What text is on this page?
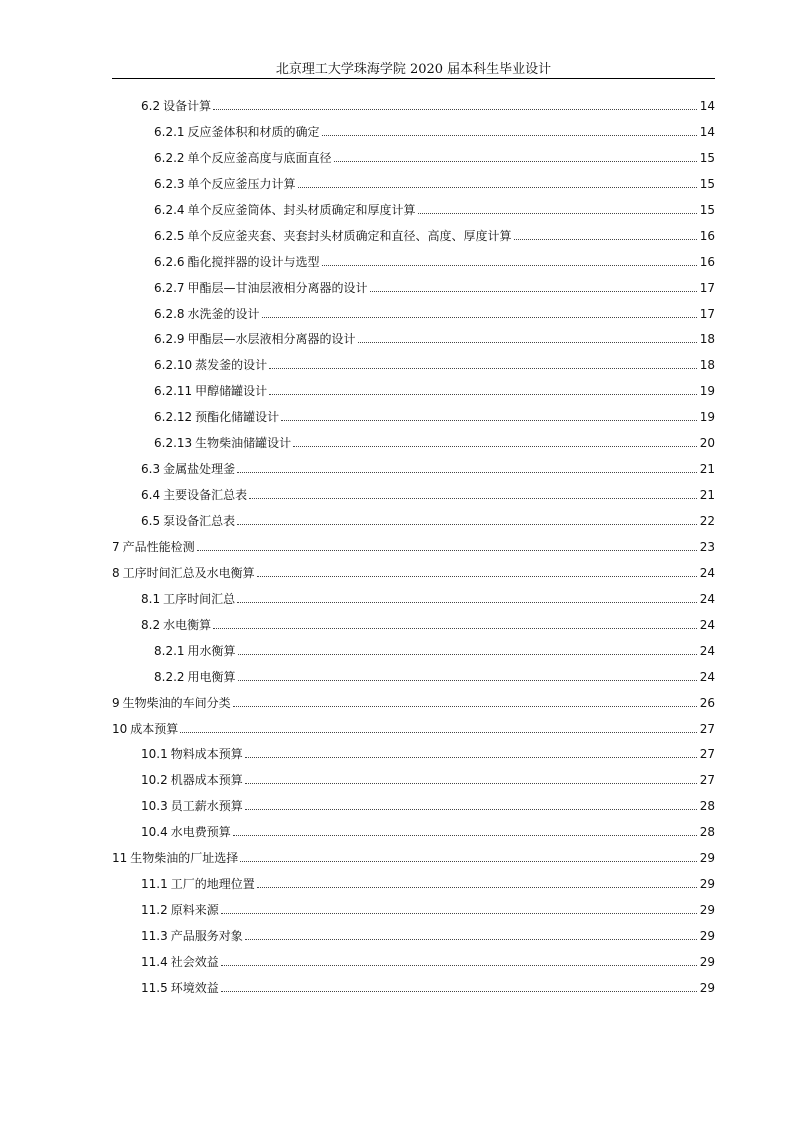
北京理工大学珠海学院 2020 届本科生毕业设计
6.2 设备计算	14
6.2.1 反应釜体积和材质的确定	14
6.2.2 单个反应釜高度与底面直径	15
6.2.3 单个反应釜压力计算	15
6.2.4 单个反应釜筒体、封头材质确定和厚度计算	15
6.2.5 单个反应釜夹套、夹套封头材质确定和直径、高度、厚度计算	16
6.2.6 酯化搅拌器的设计与选型	16
6.2.7 甲酯层—甘油层液相分离器的设计	17
6.2.8 水洗釜的设计	17
6.2.9 甲酯层—水层液相分离器的设计	18
6.2.10 蒸发釜的设计	18
6.2.11 甲醇储罐设计	19
6.2.12 预酯化储罐设计	19
6.2.13 生物柴油储罐设计	20
6.3 金属盐处理釜	21
6.4 主要设备汇总表	21
6.5 泵设备汇总表	22
7 产品性能检测	23
8 工序时间汇总及水电衡算	24
8.1 工序时间汇总	24
8.2 水电衡算	24
8.2.1 用水衡算	24
8.2.2 用电衡算	24
9 生物柴油的车间分类	26
10 成本预算	27
10.1 物料成本预算	27
10.2 机器成本预算	27
10.3 员工薪水预算	28
10.4 水电费预算	28
11 生物柴油的厂址选择	29
11.1 工厂的地理位置	29
11.2 原料来源	29
11.3 产品服务对象	29
11.4 社会效益	29
11.5 环境效益	29
